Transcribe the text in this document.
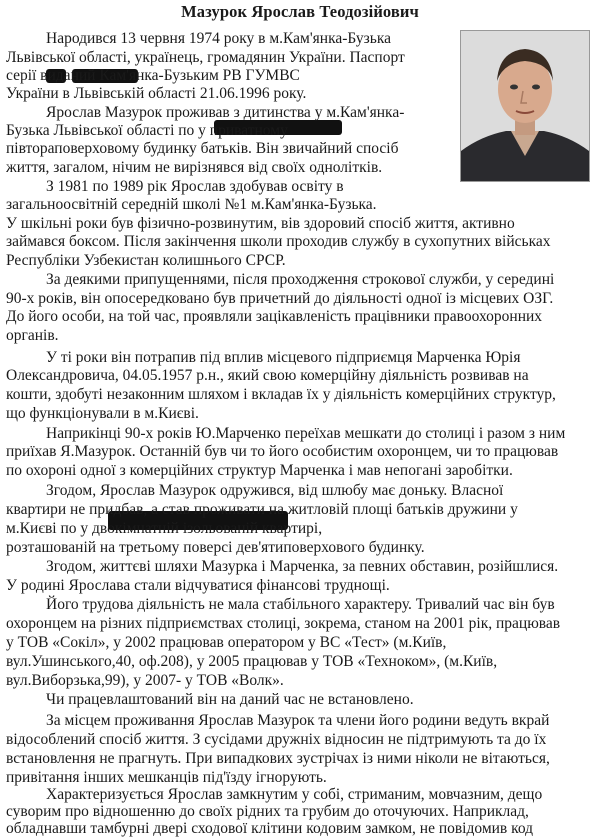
Мазурок Ярослав Теодозійович
Народився 13 червня 1974 року в м.Кам'янка-Бузька
Львівської області, українець, громадянин України. Паспорт
серії виданий Кам'янка-Бузьким РВ ГУМВС
України в Львівській області 21.06.1996 року.
Ярослав Мазурок проживав з дитинства у м.Кам'янка-
Бузька Львівської області по у приватному
півтораповерховому будинку батьків. Він звичайний спосіб
життя, загалом, нічим не вирізнявся від своїх однолітків.
З 1981 по 1989 рік Ярослав здобував освіту в
загальноосвітній середній школі №1 м.Кам'янка-Бузька.
У шкільні роки був фізично-розвинутим, вів здоровий спосіб життя, активно
займався боксом. Після закінчення школи проходив службу в сухопутних військах
Республіки Узбекистан колишнього СРСР.
За деякими припущеннями, після проходження строкової служби, у середині
90-х років, він опосередковано був причетний до діяльності одної із місцевих ОЗГ.
До його особи, на той час, проявляли зацікавленість працівники правоохоронних
органів.
У ті роки він потрапив під вплив місцевого підприємця Марченка Юрія
Олександровича, 04.05.1957 р.н., який свою комерційну діяльність розвивав на
кошти, здобуті незаконним шляхом і вкладав їх у діяльність комерційних структур,
що функціонували в м.Києві.
Наприкінці 90-х років Ю.Марченко переїхав мешкати до столиці і разом з ним
приїхав Я.Мазурок. Останній був чи то його особистим охоронцем, чи то працював
по охороні одної з комерційних структур Марченка і мав непогані заробітки.
Згодом, Ярослав Мазурок одружився, від шлюбу має доньку. Власної
квартири не придбав, а став проживати на житловій площі батьків дружини у
м.Києві по у двокімнатній ізольованій квартирі,
розташованій на третьому поверсі дев'ятиповерхового будинку.
Згодом, життєві шляхи Мазурка і Марченка, за певних обставин, розійшлися.
У родині Ярослава стали відчуватися фінансові труднощі.
Його трудова діяльність не мала стабільного характеру. Тривалий час він був
охоронцем на різних підприємствах столиці, зокрема, станом на 2001 рік, працював
у ТОВ «Сокіл», у 2002 працював оператором у ВС «Тест» (м.Київ,
вул.Ушинського,40, оф.208), у 2005 працював у ТОВ «Техноком», (м.Київ,
вул.Виборзька,99), у 2007- у ТОВ «Волк».
Чи працевлаштований він на даний час не встановлено.
За місцем проживання Ярослав Мазурок та члени його родини ведуть вкрай
відособлений спосіб життя. З сусідами дружніх відносин не підтримують та до їх
встановлення не прагнуть. При випадкових зустрічах із ними ніколи не вітаються,
привітання інших мешканців під'їзду ігнорують.
Характеризується Ярослав замкнутим у собі, стриманим, мовчазним, дещо
суворим про відношенню до своїх рідних та грубим до оточуючих. Наприклад,
обладнавши тамбурні двері сходової клітини кодовим замком, не повідомив код
